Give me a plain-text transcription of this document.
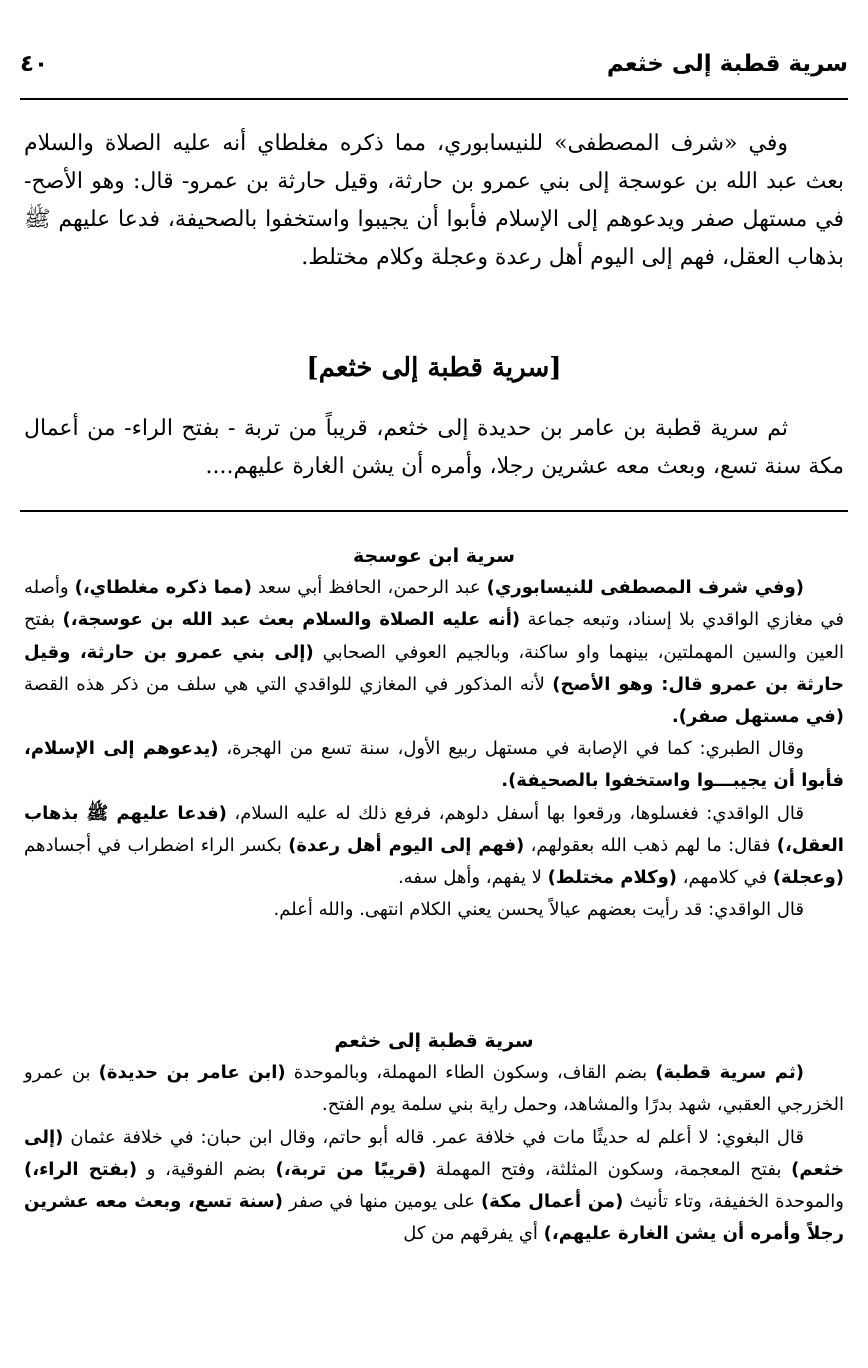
٤٠	سرية قطبة إلى خثعم

وفي «شرف المصطفى» للنيسابوري، مما ذكره مغلطاي أنه عليه الصلاة والسلام بعث عبد الله بن عوسجة إلى بني عمرو بن حارثة، وقيل حارثة بن عمرو- قال: وهو الأصح- في مستهل صفر ويدعوهم إلى الإسلام فأبوا أن يجيبوا واستخفوا بالصحيفة، فدعا عليهم ﷺ بذهاب العقل، فهم إلى اليوم أهل رعدة وعجلة وكلام مختلط.

[سرية قطبة إلى خثعم]

ثم سرية قطبة بن عامر بن حديدة إلى خثعم، قريباً من تربة - بفتح الراء- من أعمال مكة سنة تسع، وبعث معه عشرين رجلا، وأمره أن يشن الغارة عليهم....

سرية ابن عوسجة

(وفي شرف المصطفى للنيسابوري) عبد الرحمن، الحافظ أبي سعد (مما ذكره مغلطاي،) وأصله في مغازي الواقدي بلا إسناد، وتبعه جماعة (أنه عليه الصلاة والسلام بعث عبد الله بن عوسجة،) بفتح العين والسين المهملتين، بينهما واو ساكنة، وبالجيم العوفي الصحابي (إلى بني عمرو بن حارثة، وقيل حارثة بن عمرو قال: وهو الأصح) لأنه المذكور في المغازي للواقدي التي هي سلف من ذكر هذه القصة (في مستهل صفر).

وقال الطبري: كما في الإصابة في مستهل ربيع الأول، سنة تسع من الهجرة، (يدعوهم إلى الإسلام، فأبوا أن يجيبـــوا واستخفوا بالصحيفة).

قال الواقدي: فغسلوها، ورقعوا بها أسفل دلوهم، فرفع ذلك له عليه السلام، (فدعا عليهم ﷺ بذهاب العقل،) فقال: ما لهم ذهب الله بعقولهم، (فهم إلى اليوم أهل رعدة) بكسر الراء اضطراب في أجسادهم (وعجلة) في كلامهم، (وكلام مختلط) لا يفهم، وأهل سفه.

قال الواقدي: قد رأيت بعضهم عيالاً يحسن يعني الكلام انتهى. والله أعلم.

سرية قطبة إلى خثعم

(ثم سرية قطبة) بضم القاف، وسكون الطاء المهملة، وبالموحدة (ابن عامر بن حديدة) بن عمرو الخزرجي العقبي، شهد بدرًا والمشاهد، وحمل راية بني سلمة يوم الفتح.

قال البغوي: لا أعلم له حديثًا مات في خلافة عمر. قاله أبو حاتم، وقال ابن حبان: في خلافة عثمان (إلى خثعم) بفتح المعجمة، وسكون المثلثة، وفتح المهملة (قريبًا من تربة،) بضم الفوقية، و (بفتح الراء،) والموحدة الخفيفة، وتاء تأنيث (من أعمال مكة) على يومين منها في صفر (سنة تسع، وبعث معه عشرين رجلاً وأمره أن يشن الغارة عليهم،) أي يفرقهم من كل
